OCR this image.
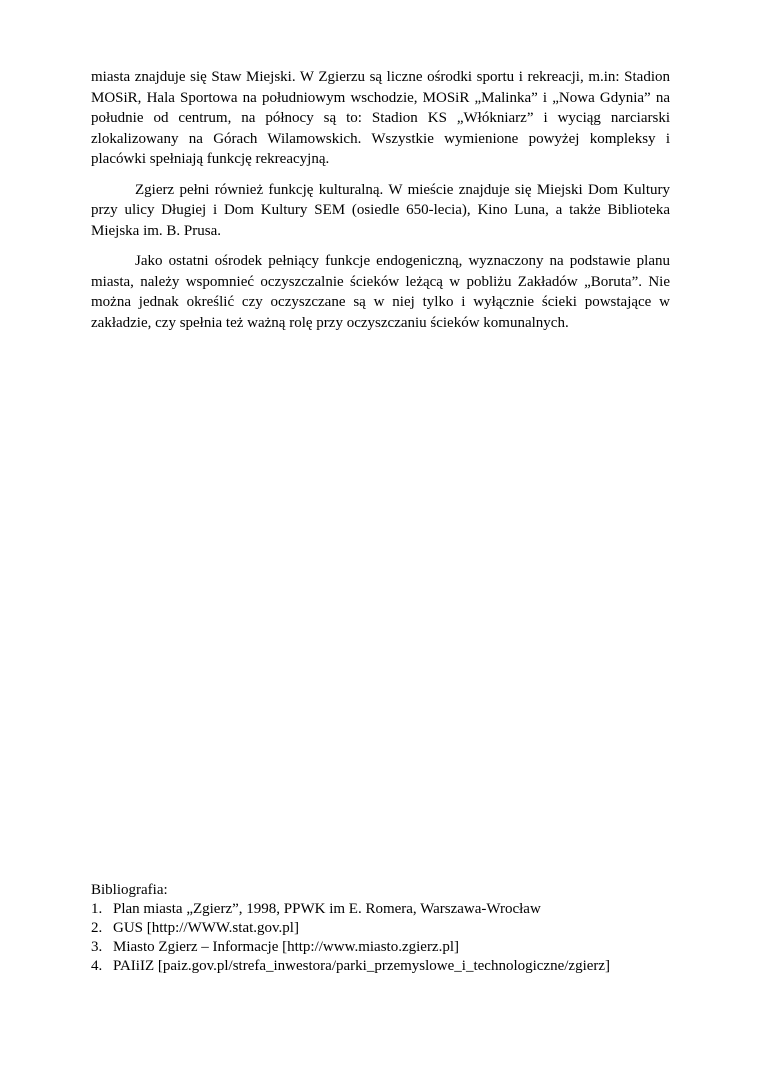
miasta znajduje się Staw Miejski. W Zgierzu są liczne ośrodki sportu i rekreacji, m.in: Stadion MOSiR, Hala Sportowa na południowym wschodzie, MOSiR „Malinka” i „Nowa Gdynia” na południe od centrum, na północy są to: Stadion KS „Włókniarz” i wyciąg narciarski zlokalizowany na Górach Wilamowskich. Wszystkie wymienione powyżej kompleksy i placówki spełniają funkcję rekreacyjną.

Zgierz pełni również funkcję kulturalną. W mieście znajduje się Miejski Dom Kultury przy ulicy Długiej i Dom Kultury SEM (osiedle 650-lecia), Kino Luna, a także Biblioteka Miejska im. B. Prusa.

Jako ostatni ośrodek pełniący funkcje endogeniczną, wyznaczony na podstawie planu miasta, należy wspomnieć oczyszczalnie ścieków leżącą w pobliżu Zakładów „Boruta”. Nie można jednak określić czy oczyszczane są w niej tylko i wyłącznie ścieki powstające w zakładzie, czy spełnia też ważną rolę przy oczyszczaniu ścieków komunalnych.

Bibliografia:

1. Plan miasta „Zgierz”, 1998, PPWK im E. Romera, Warszawa-Wrocław
2. GUS [http://WWW.stat.gov.pl]
3. Miasto Zgierz – Informacje [http://www.miasto.zgierz.pl]
4. PAIiIZ [paiz.gov.pl/strefa_inwestora/parki_przemyslowe_i_technologiczne/zgierz]
